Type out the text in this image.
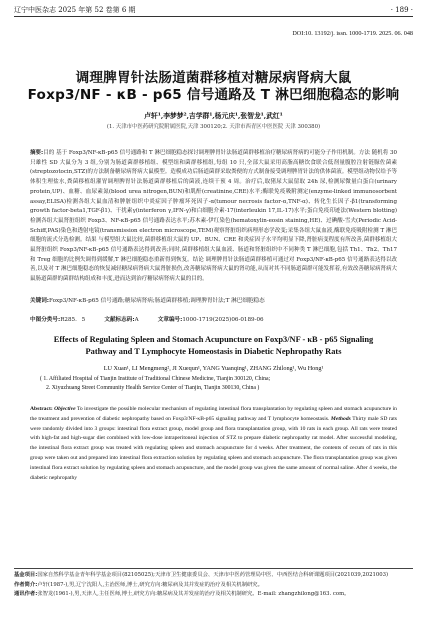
辽宁中医杂志 2025 年第 52 卷第 6 期	· 189 ·
DOI:10. 13192/j. issn. 1000-1719. 2025. 06. 048
调理脾胃针法肠道菌群移植对糖尿病肾病大鼠
Foxp3/NF - κB - p65 信号通路及 T 淋巴细胞稳态的影响
卢轩¹,李梦梦²,吉学群¹,杨元庆¹,张智龙¹,武红¹
(1. 天津市中医药研究院附属医院,天津 300120;2. 天津市西青区中医医院 天津 300380)
摘要:目的 基于 Foxp3/NF-κB-p65 信号通路和 T 淋巴细胞稳态探讨调理脾胃针法肠道菌群移植治疗糖尿病肾病的可能分子作用机制。方法 随机将 30 只雄性 SD 大鼠分为 3 组,分别为肠道菌群移植组、模型组和菌群移植组,每组 10 只,全部大鼠采用高脂高糖饮食联合低剂量腹腔注射链脲佐菌素(streptozotocin,STZ)的方法制备糖尿病肾病大鼠模型。造模成功后肠道菌群采取粪便的方式制备接受调理脾胃针法的供体菌液。模型组动物仅给予等体积生理盐水,粪菌移植组灌胃调理脾胃针法肠道菌群移植后的菌液,连续干预 4 周。治疗后,取猪尿大鼠留取 24h 尿,检测尿微量白蛋白(urinary protein,UP)、血糖、血尿素氮(blood urea nitrogen,BUN)和肌酐(creatinine,CRE)水平;酶联免疫吸附测定(enzyme-linked immunosorbent assay,ELISA)检测各组大鼠血清和脾脏组织中炎症因子肿瘤坏死因子-α(tumour necrosis factor-α,TNF-α)、转化生长因子-β1(transforming growth factor-beta1,TGF-β1)、干扰素γ(interferon γ,IFN-γ)和白细胞介素-17(interleukin 17,IL-17)水平;蛋白免疫印迹法(Western blotting)检测各组大鼠肾脏组织 Foxp3、NF-κB-p65 信号通路表达水平;苏木素-伊红染色(hematoxylin-eosin staining,HE)、过碘酸-雪夫(Periodic Acid-Schiff,PAS)染色和透射电镜(transmission electron microscope,TEM)观察肾脏组织病理形态学改变;采集各组大鼠血液,酶联免疫吸附检测 T 淋巴细胞的流式分选检测。结果 与模型组大鼠比较,菌群移植组大鼠的 UP、BUN、CRE 和炎症因子水平均明显下降,肾脏病变程度有所改善,菌群移植组大鼠肾脏组织 Foxp3/NF-κB-p65 信号通路表达得到改善;同时,菌群移植组大鼠血液、肠道和肾脏组织中不同种类 T 淋巴细胞,包括 Th1、Th2、Th17 和 Treg 细胞的比例失调得到缓解,T 淋巴细胞稳态重新得到恢复。结论 调理脾胃针法肠道菌群移植可通过对 Foxp3/NF-κB-p65 信号通路表达得以改善,以及对 T 淋巴细胞稳态的恢复减轻糖尿病肾病大鼠肾脏损伤,改善糖尿病肾病大鼠的肾功能,从而对其不同肠道菌群可能发挥着,有效改善糖尿病肾病大鼠肠道菌群的菌群结构组成和丰度,进而达到治疗糖尿病肾病大鼠的目的。
关键词:Foxp3/NF-κB-p65 信号通路;糖尿病肾病;肠道菌群移植;调理脾胃针法;T 淋巴细胞稳态
中图分类号:R285. 5	文献标志码:A	文章编号:1000-1719(2025)06-0189-06
Effects of Regulating Spleen and Stomach Acupuncture on Foxp3/NF - κB - p65 Signaling
Pathway and T Lymphocyte Homeostasis in Diabetic Nephropathy Rats
LU Xuan¹, LI Mengmeng², JI Xuequn¹, YANG Yuanqing¹, ZHANG Zhilong¹, Wu Hong¹
( 1. Affiliated Hospital of Tianjin Institute of Traditional Chinese Medicine, Tianjin 300120, China;
2. Xiyuzhuang Street Community Health Service Center of Tianjin, Tianjin 300130, China )
Abstract: Objective To investigate the possible molecular mechanism of regulating intestinal flora transplantation by regulating spleen and stomach acupuncture in the treatment and prevention of diabetic nephropathy based on Foxp3/NF-κB-p65 signaling pathway and T lymphocyte homeostasis. Methods Thirty male SD rats were randomly divided into 3 groups: intestinal flora extract group, model group and flora transplantation group, with 10 rats in each group. All rats were treated with high-fat and high-sugar diet combined with low-dose intraperitoneal injection of STZ to prepare diabetic nephropathy rat model. After successful modeling, the intestinal flora extract group was treated with regulating spleen and stomach acupuncture for 4 weeks. After treatment, the contents of cecum of rats in this group were taken out and prepared into intestinal flora extraction solution by regulating spleen and stomach acupuncture. The flora transplantation group was given intestinal flora extract solution by regulating spleen and stomach acupuncture, and the model group was given the same amount of normal saline. After 4 weeks, the diabetic nephropathy
基金项目:国家自然科学基金青年科学基金项目(82105025);天津市卫生健康委员会、天津市中医药管理局中医、中西医结合科研课题项目(2021039,2021003)
作者简介:卢轩(1987-),男,辽宁沈阳人,主治医师,博士,研究方向:糖尿病及其并发症的治疗及相关机制研究。
通讯作者:张智龙(1961-),男,天津人,主任医师,博士,研究方向:糖尿病及其并发症的治疗及相关机制研究。E-mail: zhangzhilong@163. com。
